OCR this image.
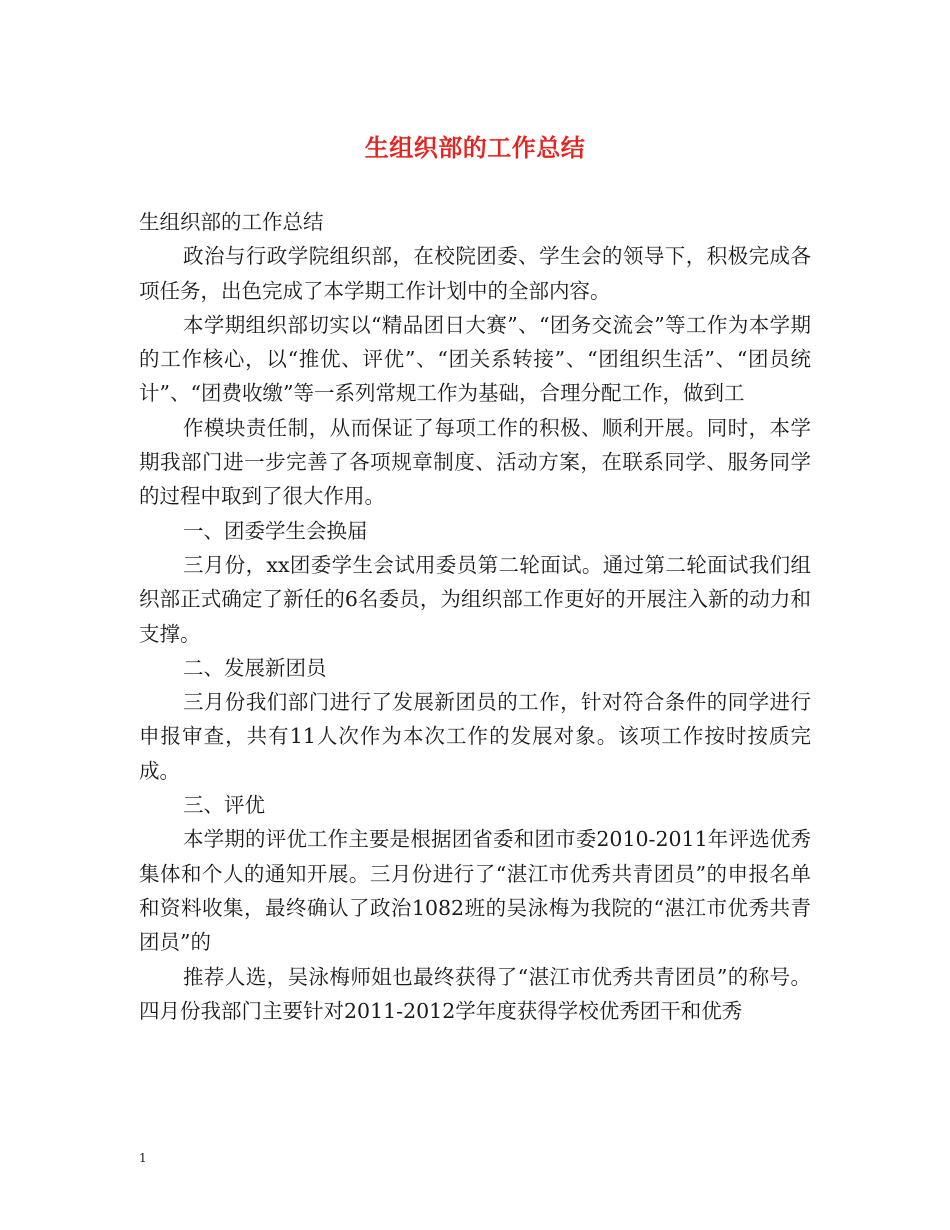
生组织部的工作总结

生组织部的工作总结

政治与行政学院组织部，在校院团委、学生会的领导下，积极完成各项任务，出色完成了本学期工作计划中的全部内容。

本学期组织部切实以“精品团日大赛”、“团务交流会”等工作为本学期的工作核心，以“推优、评优”、“团关系转接”、“团组织生活”、“团员统计”、“团费收缴”等一系列常规工作为基础，合理分配工作，做到工

作模块责任制，从而保证了每项工作的积极、顺利开展。同时，本学期我部门进一步完善了各项规章制度、活动方案，在联系同学、服务同学的过程中取到了很大作用。

一、团委学生会换届

三月份，xx团委学生会试用委员第二轮面试。通过第二轮面试我们组织部正式确定了新任的6名委员，为组织部工作更好的开展注入新的动力和支撑。

二、发展新团员

三月份我们部门进行了发展新团员的工作，针对符合条件的同学进行申报审查，共有11人次作为本次工作的发展对象。该项工作按时按质完成。

三、评优

本学期的评优工作主要是根据团省委和团市委2010-2011年评选优秀集体和个人的通知开展。三月份进行了“湛江市优秀共青团员”的申报名单和资料收集，最终确认了政治1082班的吴泳梅为我院的“湛江市优秀共青团员”的

推荐人选，吴泳梅师姐也最终获得了“湛江市优秀共青团员”的称号。四月份我部门主要针对2011-2012学年度获得学校优秀团干和优秀

1
